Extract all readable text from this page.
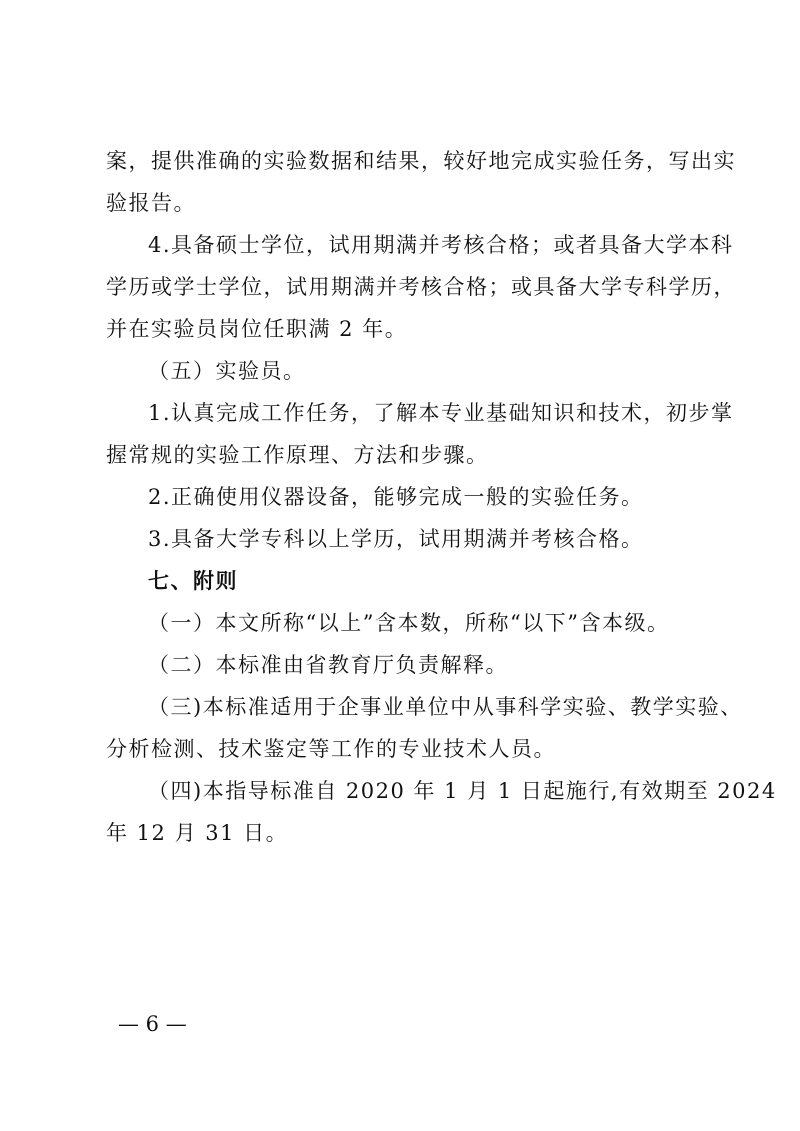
案，提供准确的实验数据和结果，较好地完成实验任务，写出实
验报告。
4.具备硕士学位，试用期满并考核合格；或者具备大学本科
学历或学士学位，试用期满并考核合格；或具备大学专科学历，
并在实验员岗位任职满 2 年。
（五）实验员。
1.认真完成工作任务，了解本专业基础知识和技术，初步掌
握常规的实验工作原理、方法和步骤。
2.正确使用仪器设备，能够完成一般的实验任务。
3.具备大学专科以上学历，试用期满并考核合格。
七、附则
（一）本文所称“以上”含本数，所称“以下”含本级。
（二）本标准由省教育厅负责解释。
（三)本标准适用于企事业单位中从事科学实验、教学实验、
分析检测、技术鉴定等工作的专业技术人员。
（四)本指导标准自 2020 年 1 月 1 日起施行,有效期至 2024
年 12 月 31 日。
— 6 —
